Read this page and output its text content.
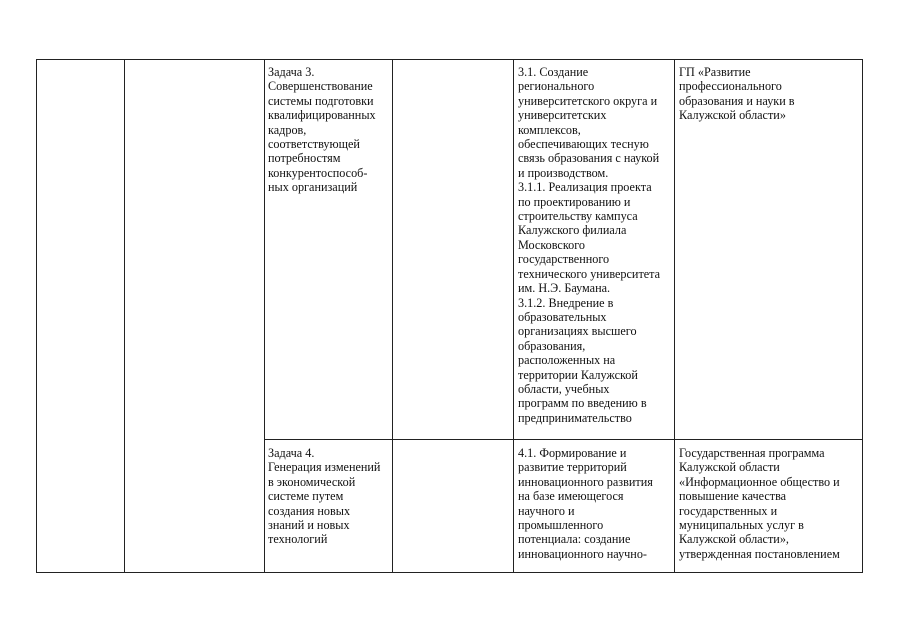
Задача 3.
Совершенствование
системы подготовки
квалифицированных
кадров,
соответствующей
потребностям
конкурентоспособ-
ных организаций
3.1. Создание
регионального
университетского округа и
университетских
комплексов,
обеспечивающих тесную
связь образования с наукой
и производством.
3.1.1. Реализация проекта
по проектированию и
строительству кампуса
Калужского филиала
Московского
государственного
технического университета
им. Н.Э. Баумана.
3.1.2. Внедрение в
образовательных
организациях высшего
образования,
расположенных на
территории Калужской
области, учебных
программ по введению в
предпринимательство
ГП «Развитие
профессионального
образования и науки в
Калужской области»
Задача 4.
Генерация изменений
в экономической
системе путем
создания новых
знаний и новых
технологий
4.1. Формирование и
развитие территорий
инновационного развития
на базе имеющегося
научного и
промышленного
потенциала: создание
инновационного научно-
Государственная программа
Калужской области
«Информационное общество и
повышение качества
государственных и
муниципальных услуг в
Калужской области»,
утвержденная постановлением
